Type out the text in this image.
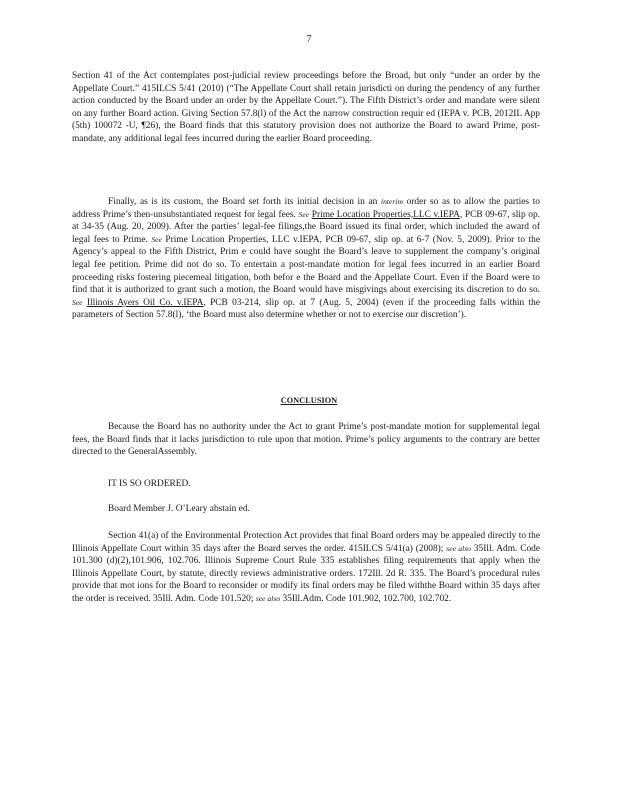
7

Section 41 of the Act contemplates post-judicial review proceedings before the Broad, but only “under an order by the Appellate Court.” 415ILCS 5/41 (2010) (“The Appellate Court shall retain jurisdicti on during the pendency of any further action conducted by the Board under an order by the Appellate Court.”). The Fifth District’s order and mandate were silent on any further Board action. Giving Section 57.8(l) of the Act the narrow construction requir ed (IEPA v. PCB, 2012IL App (5th) 100072 -U, ¶26), the Board finds that this statutory provision does not authorize the Board to award Prime, post-mandate, any additional legal fees incurred during the earlier Board proceeding.

Finally, as is its custom, the Board set forth its initial decision in an interim order so as to allow the parties to address Prime’s then-unsubstantiated request for legal fees. See Prime Location Properties,LLC v.IEPA, PCB 09-67, slip op. at 34-35 (Aug. 20, 2009). After the parties’ legal-fee filings,the Board issued its final order, which included the award of legal fees to Prime. See Prime Location Properties, LLC v.IEPA, PCB 09-67, slip op. at 6-7 (Nov. 5, 2009). Prior to the Agency’s appeal to the Fifth District, Prim e could have sought the Board’s leave to supplement the company’s original legal fee petition. Prime did not do so. To entertain a post-mandate motion for legal fees incurred in an earlier Board proceeding risks fostering piecemeal litigation, both befor e the Board and the Appellate Court. Even if the Board were to find that it is authorized to grant such a motion, the Board would have misgivings about exercising its discretion to do so. See Illinois Ayers Oil Co. v.IEPA, PCB 03-214, slip op. at 7 (Aug. 5, 2004) (even if the proceeding falls within the parameters of Section 57.8(l), ‘the Board must also determine whether or not to exercise our discretion’).

CONCLUSION

Because the Board has no authority under the Act to grant Prime’s post-mandate motion for supplemental legal fees, the Board finds that it lacks jurisdiction to rule upon that motion. Prime’s policy arguments to the contrary are better directed to the GeneralAssembly.

IT IS SO ORDERED.
Board Member J. O’Leary abstain ed.

Section 41(a) of the Environmental Protection Act provides that final Board orders may be appealed directly to the Illinois Appellate Court within 35 days after the Board serves the order. 415ILCS 5/41(a) (2008); see also 35Ill. Adm. Code 101.300 (d)(2),101.906, 102.706. Illinois Supreme Court Rule 335 establishes filing requirements that apply when the Illinois Appellate Court, by statute, directly reviews administrative orders. 172Ill. 2d R. 335. The Board’s procedural rules provide that mot ions for the Board to reconsider or modify its final orders may be filed withthe Board within 35 days after the order is received. 35Ill. Adm. Code 101.520; see also 35Ill.Adm. Code 101.902, 102.700, 102.702.
